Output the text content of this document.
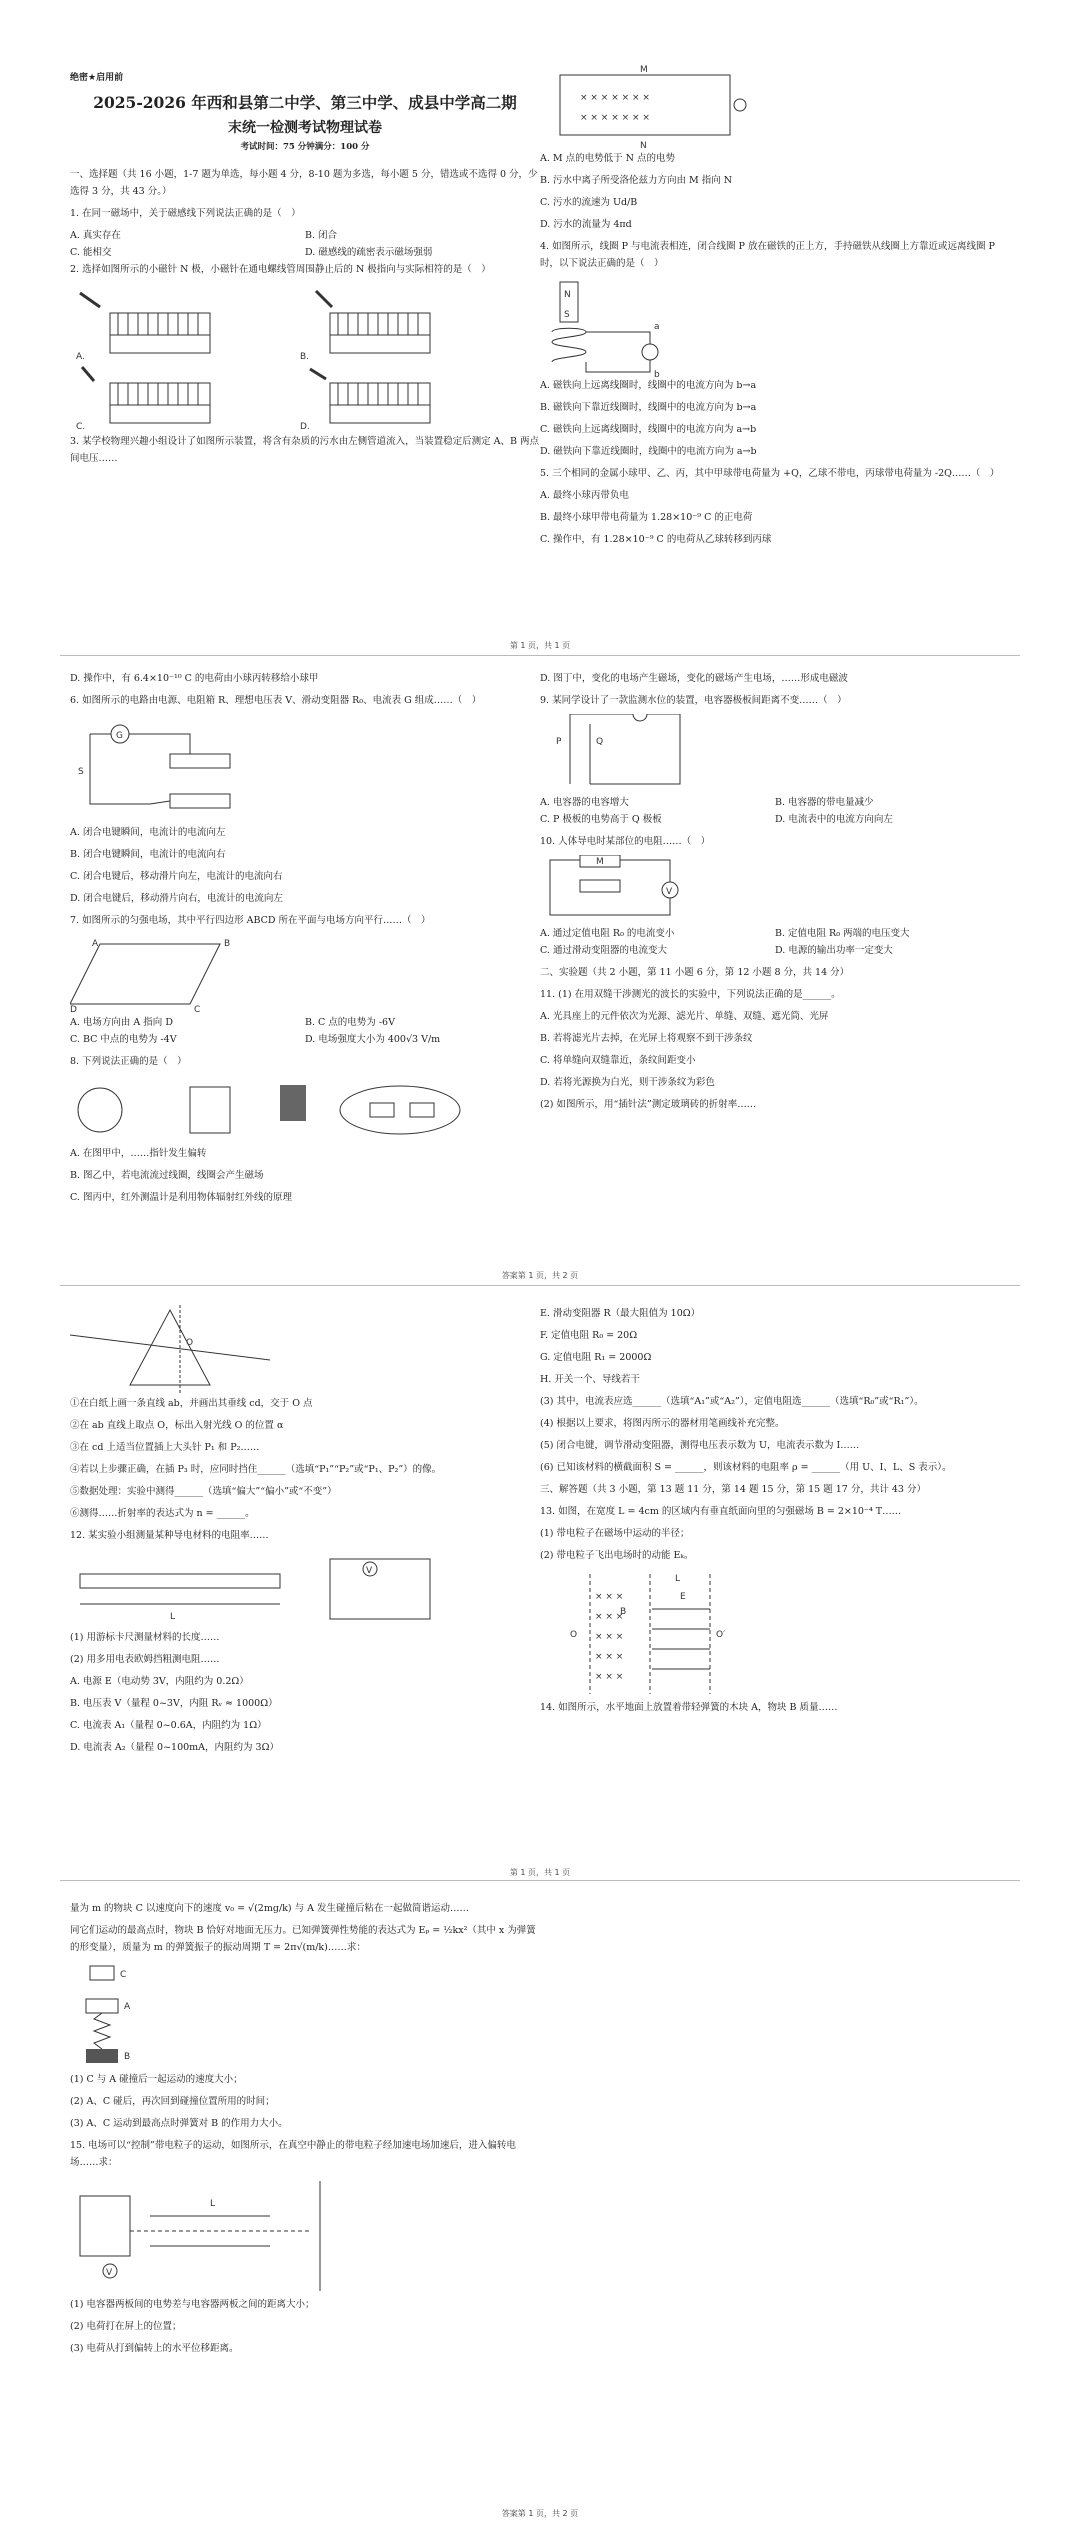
绝密★启用前
2025-2026 年西和县第二中学、第三中学、成县中学高二期
末统一检测考试物理试卷
考试时间：75 分钟满分：100 分

一、选择题（共 16 小题，1-7 题为单选，每小题 4 分，8-10 题为多选，每小题 5 分，错选或不选得 0 分，少选得 3 分，共 43 分。）

1. 在同一磁场中，关于磁感线下列说法正确的是（　）

A. 真实存在	B. 闭合
C. 能相交	D. 磁感线的疏密表示磁场强弱

2. 选择如图所示的小磁针 N 极，小磁针在通电螺线管周围静止后的 N 极指向与实际相符的是（　）

A.	B.
C.	D.

3. 某学校物理兴趣小组设计了如图所示装置，将含有杂质的污水由左侧管道流入，当装置稳定后测定 A、B 两点间电压……

× × × × × × ×
× × × × × × ×
M
N

A. M 点的电势低于 N 点的电势

B. 污水中离子所受洛伦兹力方向由 M 指向 N

C. 污水的流速为 Ud/B

D. 污水的流量为 4πd

4. 如图所示，线圈 P 与电流表相连，闭合线圈 P 放在磁铁的正上方，手持磁铁从线圈上方靠近或远离线圈 P 时，以下说法正确的是（　）

N
S
a
b

A. 磁铁向上远离线圈时，线圈中的电流方向为 b→a

B. 磁铁向下靠近线圈时，线圈中的电流方向为 b→a

C. 磁铁向上远离线圈时，线圈中的电流方向为 a→b

D. 磁铁向下靠近线圈时，线圈中的电流方向为 a→b

5. 三个相同的金属小球甲、乙、丙，其中甲球带电荷量为 +Q，乙球不带电，丙球带电荷量为 -2Q……（　）

A. 最终小球丙带负电

B. 最终小球甲带电荷量为 1.28×10⁻⁹ C 的正电荷

C. 操作中，有 1.28×10⁻⁹ C 的电荷从乙球转移到丙球

第 1 页，共 1 页

D. 操作中，有 6.4×10⁻¹⁰ C 的电荷由小球丙转移给小球甲

6. 如图所示的电路由电源、电阻箱 R、理想电压表 V、滑动变阻器 R₀、电流表 G 组成……（　）

G
S

A. 闭合电键瞬间，电流计的电流向左

B. 闭合电键瞬间，电流计的电流向右

C. 闭合电键后，移动滑片向左，电流计的电流向右

D. 闭合电键后，移动滑片向右，电流计的电流向左

7. 如图所示的匀强电场，其中平行四边形 ABCD 所在平面与电场方向平行……（　）

A	B
C
D
A. 电场方向由 A 指向 D	B. C 点的电势为 -6V
C. BC 中点的电势为 -4V	D. 电场强度大小为 400√3 V/m

8. 下列说法正确的是（　）

A. 在图甲中，……指针发生偏转

B. 图乙中，若电流流过线圈，线圈会产生磁场

C. 图丙中，红外测温计是利用物体辐射红外线的原理

D. 图丁中，变化的电场产生磁场，变化的磁场产生电场，……形成电磁波

9. 某同学设计了一款监测水位的装置，电容器极板间距离不变……（　）

P	Q
A. 电容器的电容增大	B. 电容器的带电量减少
C. P 极板的电势高于 Q 极板	D. 电流表中的电流方向向左

10. 人体导电时某部位的电阻……（　）

M
V
A. 通过定值电阻 R₀ 的电流变小	B. 定值电阻 R₀ 两端的电压变大
C. 通过滑动变阻器的电流变大	D. 电源的输出功率一定变大

二、实验题（共 2 小题，第 11 小题 6 分，第 12 小题 8 分，共 14 分）

11. (1) 在用双缝干涉测光的波长的实验中，下列说法正确的是______。

A. 光具座上的元件依次为光源、滤光片、单缝、双缝、遮光筒、光屏

B. 若将滤光片去掉，在光屏上将观察不到干涉条纹

C. 将单缝向双缝靠近，条纹间距变小

D. 若将光源换为白光，则干涉条纹为彩色

(2) 如图所示，用“插针法”测定玻璃砖的折射率……

答案第 1 页，共 2 页
O

①在白纸上画一条直线 ab，并画出其垂线 cd，交于 O 点

②在 ab 直线上取点 O，标出入射光线 O 的位置 α

③在 cd 上适当位置插上大头针 P₁ 和 P₂……

④若以上步骤正确，在插 P₃ 时，应同时挡住______（选填“P₁”“P₂”或“P₁、P₂”）的像。

⑤数据处理：实验中测得______（选填“偏大”“偏小”或“不变”）

⑥测得……折射率的表达式为 n = ______。

12. 某实验小组测量某种导电材料的电阻率……

L
V

(1) 用游标卡尺测量材料的长度……

(2) 用多用电表欧姆挡粗测电阻……

A. 电源 E（电动势 3V，内阻约为 0.2Ω）

B. 电压表 V（量程 0~3V，内阻 Rᵥ ≈ 1000Ω）

C. 电流表 A₁（量程 0~0.6A，内阻约为 1Ω）

D. 电流表 A₂（量程 0~100mA，内阻约为 3Ω）

E. 滑动变阻器 R（最大阻值为 10Ω）

F. 定值电阻 R₀ = 20Ω

G. 定值电阻 R₁ = 2000Ω

H. 开关一个、导线若干

(3) 其中，电流表应选______（选填“A₁”或“A₂”），定值电阻选______（选填“R₀”或“R₁”）。

(4) 根据以上要求，将图丙所示的器材用笔画线补充完整。

(5) 闭合电键，调节滑动变阻器，测得电压表示数为 U，电流表示数为 I……

(6) 已知该材料的横截面积 S = ______，则该材料的电阻率 ρ = ______（用 U、I、L、S 表示）。

三、解答题（共 3 小题，第 13 题 11 分，第 14 题 15 分，第 15 题 17 分，共计 43 分）

13. 如图，在宽度 L = 4cm 的区域内有垂直纸面向里的匀强磁场 B = 2×10⁻⁴ T……

(1) 带电粒子在磁场中运动的半径；

(2) 带电粒子飞出电场时的动能 Eₖ。

× × ×
× × ×
× × ×
× × ×
× × ×
B
E
L
O	O′

14. 如图所示，水平地面上放置着带轻弹簧的木块 A，物块 B 质量……

第 1 页，共 1 页

量为 m 的物块 C 以速度向下的速度 v₀ = √(2mg/k) 与 A 发生碰撞后粘在一起做简谐运动……

同它们运动的最高点时，物块 B 恰好对地面无压力。已知弹簧弹性势能的表达式为 Eₚ = ½kx²（其中 x 为弹簧的形变量），质量为 m 的弹簧振子的振动周期 T = 2π√(m/k)……求：

C
A
B

(1) C 与 A 碰撞后一起运动的速度大小；

(2) A、C 碰后，再次回到碰撞位置所用的时间；

(3) A、C 运动到最高点时弹簧对 B 的作用力大小。

15. 电场可以“控制”带电粒子的运动，如图所示，在真空中静止的带电粒子经加速电场加速后，进入偏转电场……求：

L
V

(1) 电容器两板间的电势差与电容器两板之间的距离大小；

(2) 电荷打在屏上的位置；

(3) 电荷从打到偏转上的水平位移距离。

答案第 1 页，共 2 页
